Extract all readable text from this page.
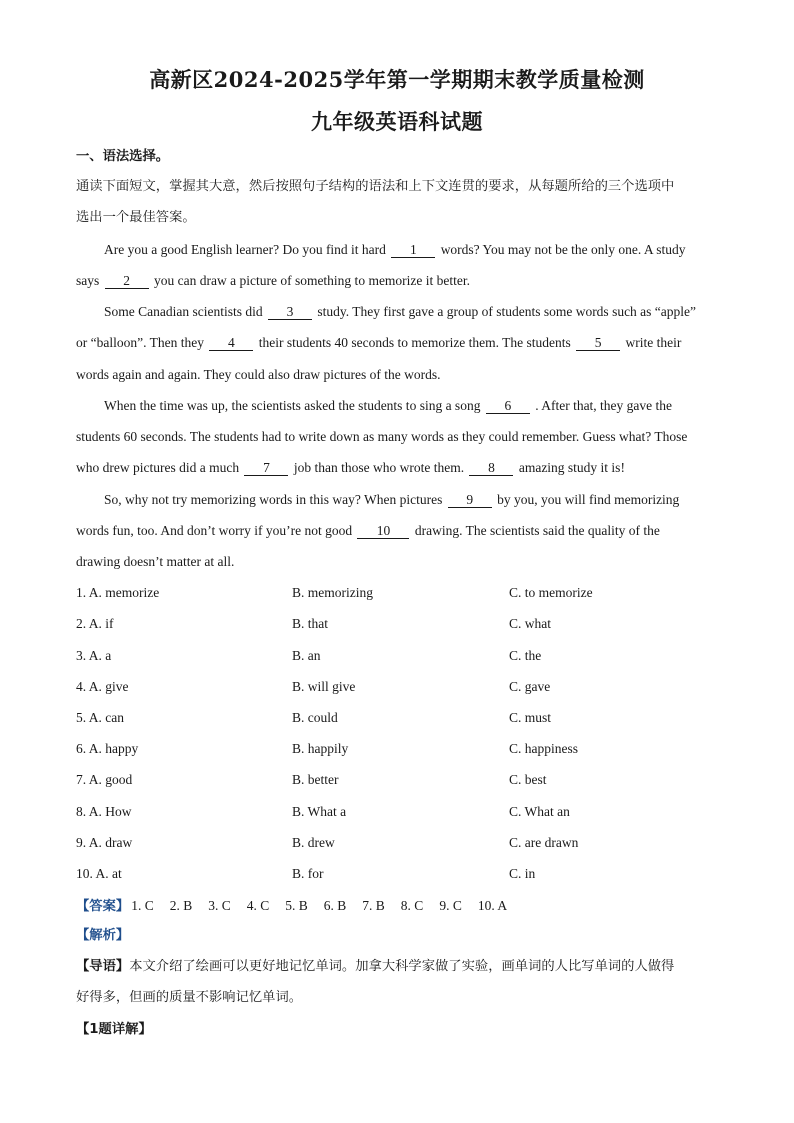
高新区2024-2025学年第一学期期末教学质量检测
九年级英语科试题
一、语法选择。
通读下面短文，掌握其大意，然后按照句子结构的语法和上下文连贯的要求，从每题所给的三个选项中
选出一个最佳答案。
Are you a good English learner? Do you find it hard 1 words? You may not be the only one. A study
says 2 you can draw a picture of something to memorize it better.
Some Canadian scientists did 3 study. They first gave a group of students some words such as “apple”
or “balloon”. Then they 4 their students 40 seconds to memorize them. The students 5 write their
words again and again. They could also draw pictures of the words.
When the time was up, the scientists asked the students to sing a song 6 . After that, they gave the
students 60 seconds. The students had to write down as many words as they could remember. Guess what? Those
who drew pictures did a much 7 job than those who wrote them. 8 amazing study it is!
So, why not try memorizing words in this way? When pictures 9 by you, you will find memorizing
words fun, too. And don’t worry if you’re not good 10 drawing. The scientists said the quality of the
drawing doesn’t matter at all.
1. A. memorize	B. memorizing	C. to memorize
2. A. if	B. that	C. what
3. A. a	B. an	C. the
4. A. give	B. will give	C. gave
5. A. can	B. could	C. must
6. A. happy	B. happily	C. happiness
7. A. good	B. better	C. best
8. A. How	B. What a	C. What an
9. A. draw	B. drew	C. are drawn
10. A. at	B. for	C. in
【答案】 1. C 2. B 3. C 4. C 5. B 6. B 7. B 8. C 9. C 10. A
【解析】
【导语】本文介绍了绘画可以更好地记忆单词。加拿大科学家做了实验，画单词的人比写单词的人做得
好得多，但画的质量不影响记忆单词。
【1题详解】
